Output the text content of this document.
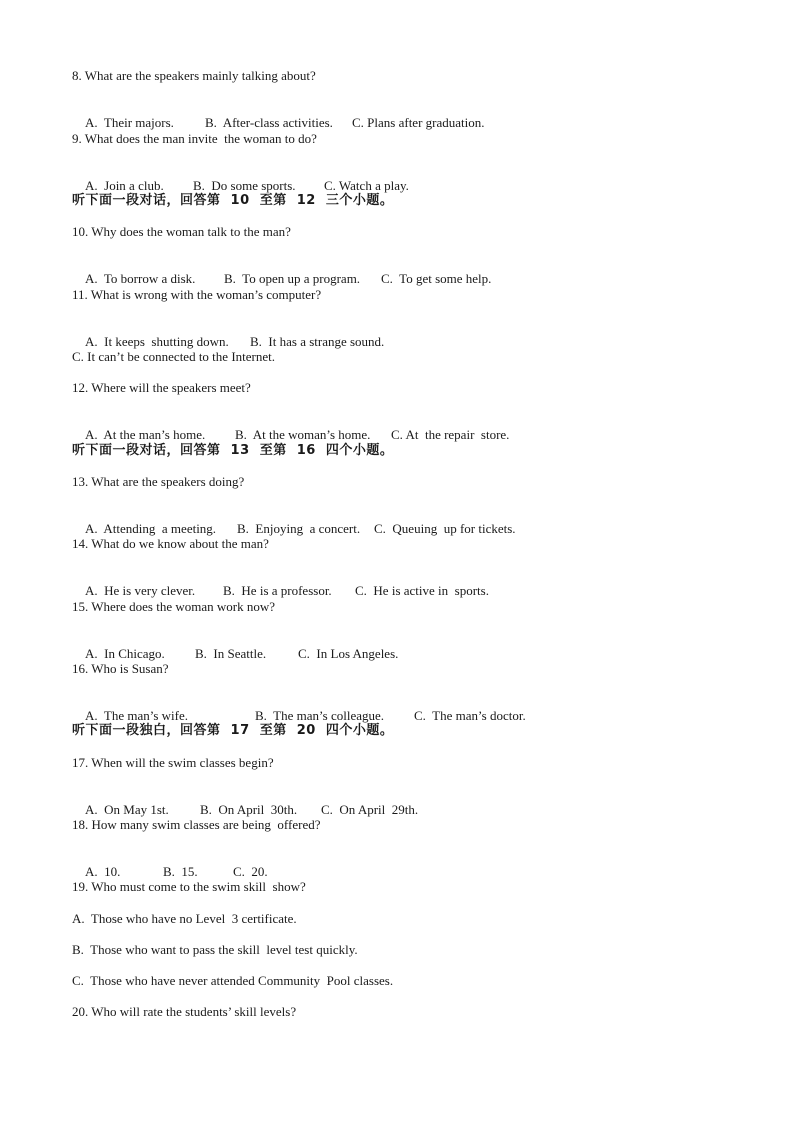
8. What are the speakers mainly talking about?

A.  Their majors. B.  After-class activities. C. Plans after graduation.

9. What does the man invite  the woman to do?

A.  Join a club. B.  Do some sports. C. Watch a play.

听下面一段对话，回答第  10  至第  12  三个小题。
10. Why does the woman talk to the man?

A.  To borrow a disk. B.  To open up a program. C.  To get some help.

11. What is wrong with the woman’s computer?

A.  It keeps  shutting down. B.  It has a strange sound.

C. It can’t be connected to the Internet.
12. Where will the speakers meet?

A.  At the man’s home. B.  At the woman’s home. C. At  the repair  store.

听下面一段对话，回答第  13  至第  16  四个小题。
13. What are the speakers doing?

A.  Attending  a meeting. B.  Enjoying  a concert. C.  Queuing  up for tickets.

14. What do we know about the man?

A.  He is very clever. B.  He is a professor. C.  He is active in  sports.

15. Where does the woman work now?

A.  In Chicago. B.  In Seattle. C.  In Los Angeles.

16. Who is Susan?

A.  The man’s wife.	B.  The man’s colleague. C.  The man’s doctor.

听下面一段独白，回答第  17  至第  20  四个小题。
17. When will the swim classes begin?

A.  On May 1st. B.  On April  30th. C.  On April  29th.

18. How many swim classes are being  offered?

A.  10.	B.  15.	C.  20.

19. Who must come to the swim skill  show?
A.  Those who have no Level  3 certificate.
B.  Those who want to pass the skill  level test quickly.
C.  Those who have never attended Community  Pool classes.
20. Who will rate the students’ skill levels?
